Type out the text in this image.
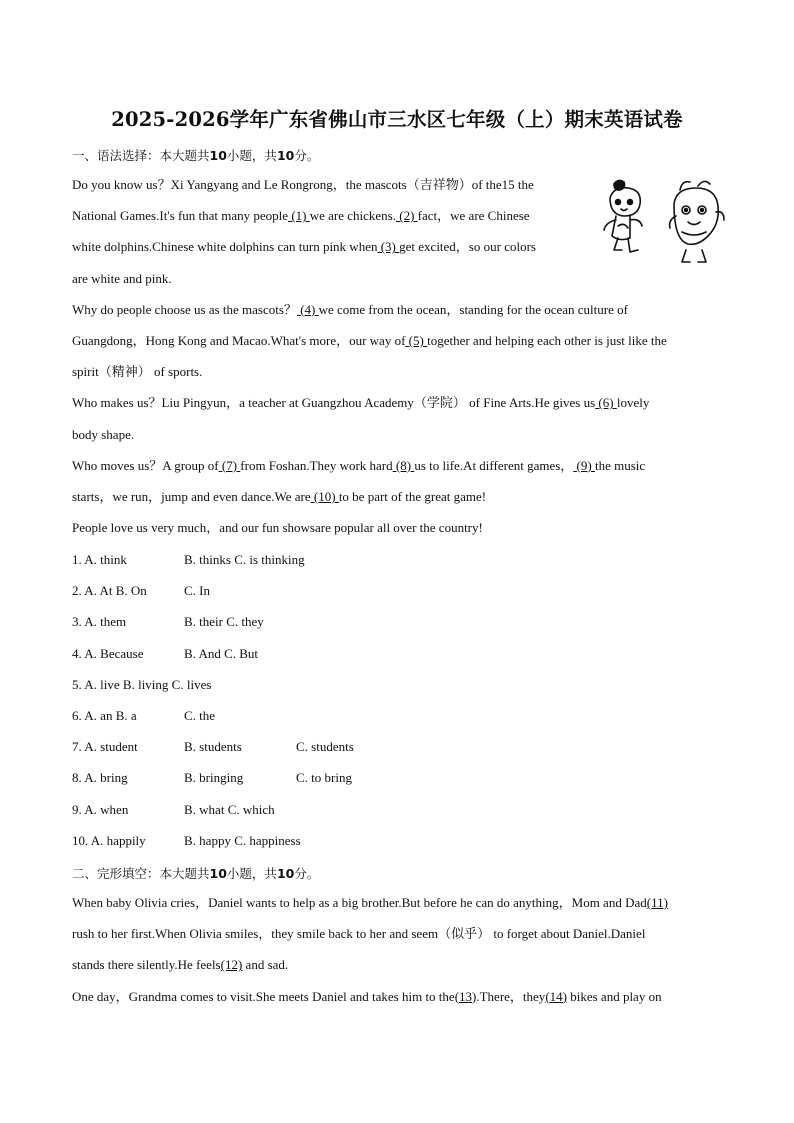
2025-2026学年广东省佛山市三水区七年级（上）期末英语试卷
一、语法选择：本大题共10小题，共10分。
Do you know us？Xi Yangyang and Le Rongrong，the mascots（吉祥物）of the15 the
National Games.It's fun that many people (1) we are chickens. (2) fact，we are Chinese
white dolphins.Chinese white dolphins can turn pink when (3) get excited，so our colors
are white and pink.
Why do people choose us as the mascots？ (4) we come from the ocean，standing for the ocean culture of
Guangdong，Hong Kong and Macao.What's more，our way of (5) together and helping each other is just like the
spirit（精神） of sports.
Who makes us？Liu Pingyun，a teacher at Guangzhou Academy（学院） of Fine Arts.He gives us (6) lovely
body shape.
Who moves us？A group of (7) from Foshan.They work hard (8) us to life.At different games， (9) the music
starts，we run，jump and even dance.We are (10) to be part of the great game!
People love us very much，and our fun showsare popular all over the country!
1. A. think	B. thinks C. is thinking
2. A. At B. On	C. In
3. A. them	B. their C. they
4. A. Because	B. And C. But
5. A. live B. living C. lives
6. A. an B. a	C. the
7. A. student	B. students	C. students
8. A. bring	B. bringing	C. to bring
9. A. when	B. what C. which
10. A. happily	B. happy C. happiness
二、完形填空：本大题共10小题，共10分。
When baby Olivia cries，Daniel wants to help as a big brother.But before he can do anything，Mom and Dad(11)
rush to her first.When Olivia smiles，they smile back to her and seem（似乎） to forget about Daniel.Daniel
stands there silently.He feels(12) and sad.
One day，Grandma comes to visit.She meets Daniel and takes him to the(13).There，they(14) bikes and play on
